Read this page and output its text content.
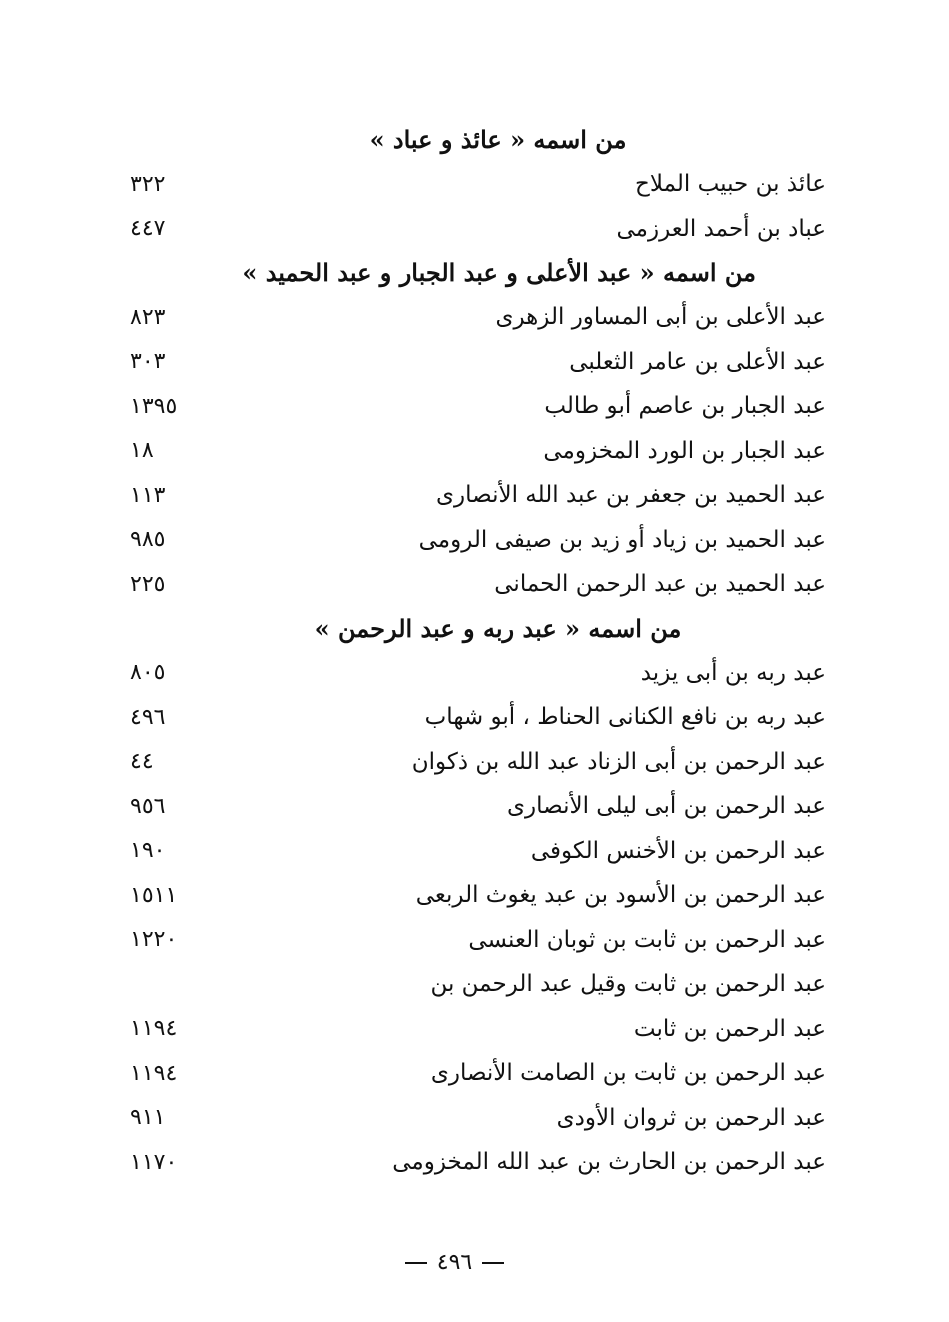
من اسمه « عائذ و عباد »
عائذ بن حبيب الملاح
٣٢٢
عباد بن أحمد العرزمى
٤٤٧
من اسمه « عبد الأعلى و عبد الجبار و عبد الحميد »
عبد الأعلى بن أبى المساور الزهرى
٨٢٣
عبد الأعلى بن عامر الثعلبى
٣٠٣
عبد الجبار بن عاصم أبو طالب
١٣٩٥
عبد الجبار بن الورد المخزومى
١٨
عبد الحميد بن جعفر بن عبد الله الأنصارى
١١٣
عبد الحميد بن زياد أو زيد بن صيفى الرومى
٩٨٥
عبد الحميد بن عبد الرحمن الحمانى
٢٢٥
من اسمه « عبد ربه و عبد الرحمن »
عبد ربه بن أبى يزيد
٨٠٥
عبد ربه بن نافع الكنانى الحناط ، أبو شهاب
٤٩٦
عبد الرحمن بن أبى الزناد عبد الله بن ذكوان
٤٤
عبد الرحمن بن أبى ليلى الأنصارى
٩٥٦
عبد الرحمن بن الأخنس الكوفى
١٩٠
عبد الرحمن بن الأسود بن عبد يغوث الربعى
١٥١١
عبد الرحمن بن ثابت بن ثوبان العنسى
١٢٢٠
عبد الرحمن بن ثابت وقيل عبد الرحمن بن
عبد الرحمن بن ثابت
١١٩٤
عبد الرحمن بن ثابت بن الصامت الأنصارى
١١٩٤
عبد الرحمن بن ثروان الأودى
٩١١
عبد الرحمن بن الحارث بن عبد الله المخزومى
١١٧٠
٤٩٦
